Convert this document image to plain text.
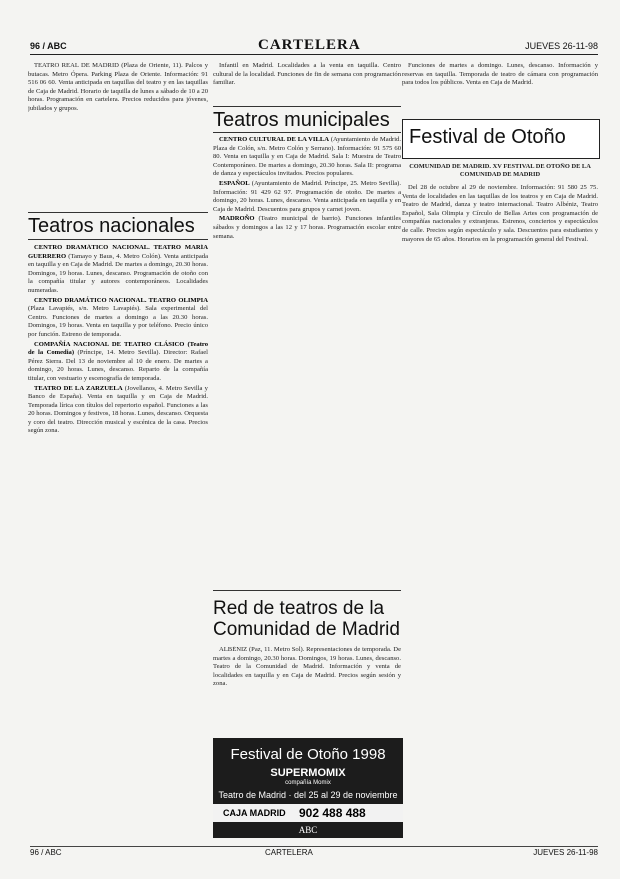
96 / ABC	CARTELERA	JUEVES 26-11-98

TEATRO REAL DE MADRID (Plaza de Oriente, 11). Palcos y butacas. Metro Ópera. Parking Plaza de Oriente. Información: 91 516 06 60. Venta anticipada en taquillas del teatro y en las taquillas de Caja de Madrid. Horario de taquilla de lunes a sábado de 10 a 20 horas. Programación en cartelera. Precios reducidos para jóvenes, jubilados y grupos.

Teatros nacionales

CENTRO DRAMÁTICO NACIONAL. TEATRO MARÍA GUERRERO (Tamayo y Baus, 4. Metro Colón). Venta anticipada en taquilla y en Caja de Madrid. De martes a domingo, 20.30 horas. Domingos, 19 horas. Lunes, descanso. Programación de otoño con la compañía titular y autores contemporáneos. Localidades numeradas.

CENTRO DRAMÁTICO NACIONAL. TEATRO OLIMPIA (Plaza Lavapiés, s/n. Metro Lavapiés). Sala experimental del Centro. Funciones de martes a domingo a las 20.30 horas. Domingos, 19 horas. Venta en taquilla y por teléfono. Precio único por función. Estreno de temporada.

COMPAÑÍA NACIONAL DE TEATRO CLÁSICO (Teatro de la Comedia) (Príncipe, 14. Metro Sevilla). Director: Rafael Pérez Sierra. Del 13 de noviembre al 10 de enero. De martes a domingo, 20 horas. Lunes, descanso. Reparto de la compañía titular, con vestuario y escenografía de temporada.

TEATRO DE LA ZARZUELA (Jovellanos, 4. Metro Sevilla y Banco de España). Venta en taquilla y en Caja de Madrid. Temporada lírica con títulos del repertorio español. Funciones a las 20 horas. Domingos y festivos, 18 horas. Lunes, descanso. Orquesta y coro del teatro. Dirección musical y escénica de la casa. Precios según zona.

Infantil en Madrid. Localidades a la venta en taquilla. Centro cultural de la localidad. Funciones de fin de semana con programación familiar.

Teatros municipales

CENTRO CULTURAL DE LA VILLA (Ayuntamiento de Madrid. Plaza de Colón, s/n. Metro Colón y Serrano). Información: 91 575 60 80. Venta en taquilla y en Caja de Madrid. Sala I: Muestra de Teatro Contemporáneo. De martes a domingo, 20.30 horas. Sala II: programa de danza y espectáculos invitados. Precios populares.

ESPAÑOL (Ayuntamiento de Madrid. Príncipe, 25. Metro Sevilla). Información: 91 429 62 97. Programación de otoño. De martes a domingo, 20 horas. Lunes, descanso. Venta anticipada en taquilla y en Caja de Madrid. Descuentos para grupos y carnet joven.

MADROÑO (Teatro municipal de barrio). Funciones infantiles sábados y domingos a las 12 y 17 horas. Programación escolar entre semana.

Red de teatros de la Comunidad de Madrid

ALBÉNIZ (Paz, 11. Metro Sol). Representaciones de temporada. De martes a domingo, 20.30 horas. Domingos, 19 horas. Lunes, descanso. Teatro de la Comunidad de Madrid. Información y venta de localidades en taquilla y en Caja de Madrid. Precios según sesión y zona.

Festival de Otoño 1998
SUPERMOMIX
compañía Momix
Teatro de Madrid · del 25 al 29 de noviembre
CAJA MADRID 902 488 488
ABC

Funciones de martes a domingo. Lunes, descanso. Información y reservas en taquilla. Temporada de teatro de cámara con programación para todos los públicos. Venta en Caja de Madrid.

Festival de Otoño
COMUNIDAD DE MADRID. XV FESTIVAL DE OTOÑO DE LA COMUNIDAD DE MADRID

Del 28 de octubre al 29 de noviembre. Información: 91 580 25 75. Venta de localidades en las taquillas de los teatros y en Caja de Madrid. Teatro de Madrid, danza y teatro internacional. Teatro Albéniz, Teatro Español, Sala Olimpia y Círculo de Bellas Artes con programación de compañías nacionales y extranjeras. Estrenos, conciertos y espectáculos de calle. Precios según espectáculo y sala. Descuentos para estudiantes y mayores de 65 años. Horarios en la programación general del Festival.

96 / ABC	CARTELERA	JUEVES 26-11-98
